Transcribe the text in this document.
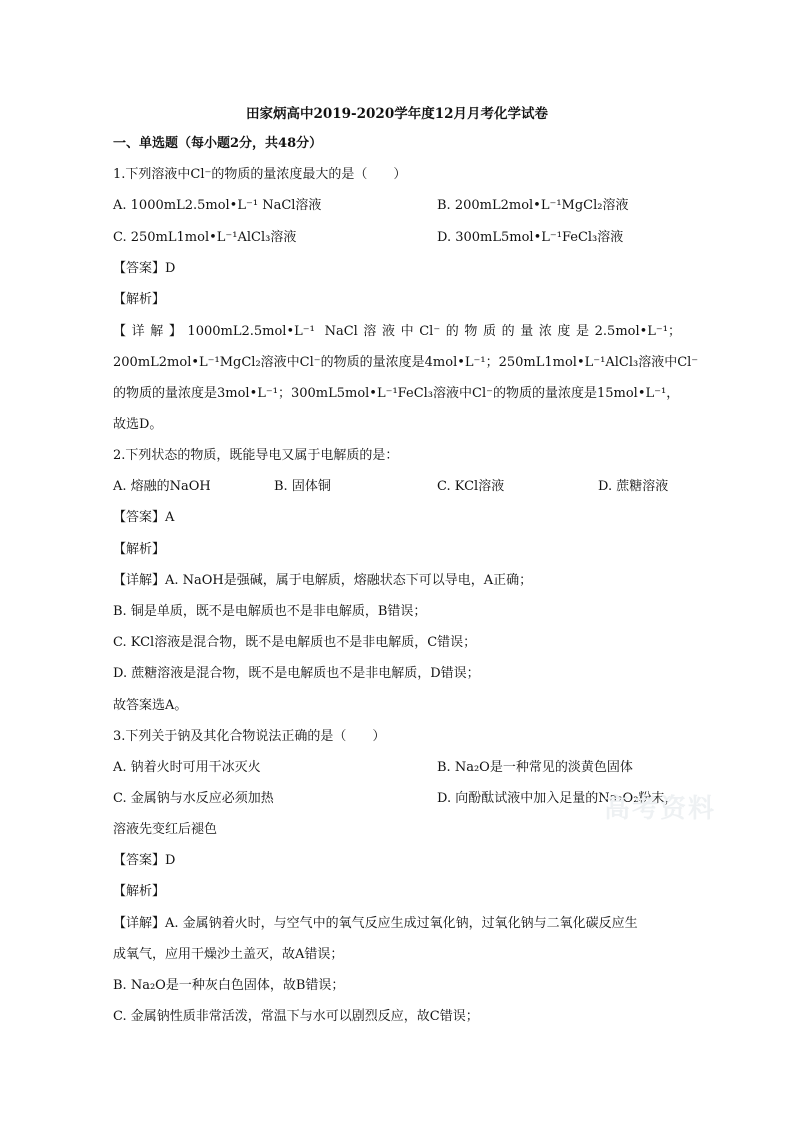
田家炳高中2019-2020学年度12月月考化学试卷
一、单选题（每小题2分，共48分）
1.下列溶液中Cl⁻的物质的量浓度最大的是（　　）
A. 1000mL2.5mol•L⁻¹ NaCl溶液	B. 200mL2mol•L⁻¹MgCl₂溶液
C. 250mL1mol•L⁻¹AlCl₃溶液	D. 300mL5mol•L⁻¹FeCl₃溶液
【答案】D
【解析】
【详解】1000mL2.5mol•L⁻¹ NaCl溶液中Cl⁻的物质的量浓度是2.5mol•L⁻¹；
200mL2mol•L⁻¹MgCl₂溶液中Cl⁻的物质的量浓度是4mol•L⁻¹；250mL1mol•L⁻¹AlCl₃溶液中Cl⁻
的物质的量浓度是3mol•L⁻¹；300mL5mol•L⁻¹FeCl₃溶液中Cl⁻的物质的量浓度是15mol•L⁻¹，
故选D。
2.下列状态的物质，既能导电又属于电解质的是：
A. 熔融的NaOH	B. 固体铜	C. KCl溶液	D. 蔗糖溶液
【答案】A
【解析】
【详解】A. NaOH是强碱，属于电解质，熔融状态下可以导电，A正确；
B. 铜是单质，既不是电解质也不是非电解质，B错误；
C. KCl溶液是混合物，既不是电解质也不是非电解质，C错误；
D. 蔗糖溶液是混合物，既不是电解质也不是非电解质，D错误；
故答案选A。
3.下列关于钠及其化合物说法正确的是（　　）
A. 钠着火时可用干冰灭火	B. Na₂O是一种常见的淡黄色固体
C. 金属钠与水反应必须加热	D. 向酚酞试液中加入足量的Na₂O₂粉末，
溶液先变红后褪色
【答案】D
【解析】
【详解】A. 金属钠着火时，与空气中的氧气反应生成过氧化钠，过氧化钠与二氧化碳反应生
成氧气，应用干燥沙土盖灭，故A错误；
B. Na₂O是一种灰白色固体，故B错误；
C. 金属钠性质非常活泼，常温下与水可以剧烈反应，故C错误；
高考资料
